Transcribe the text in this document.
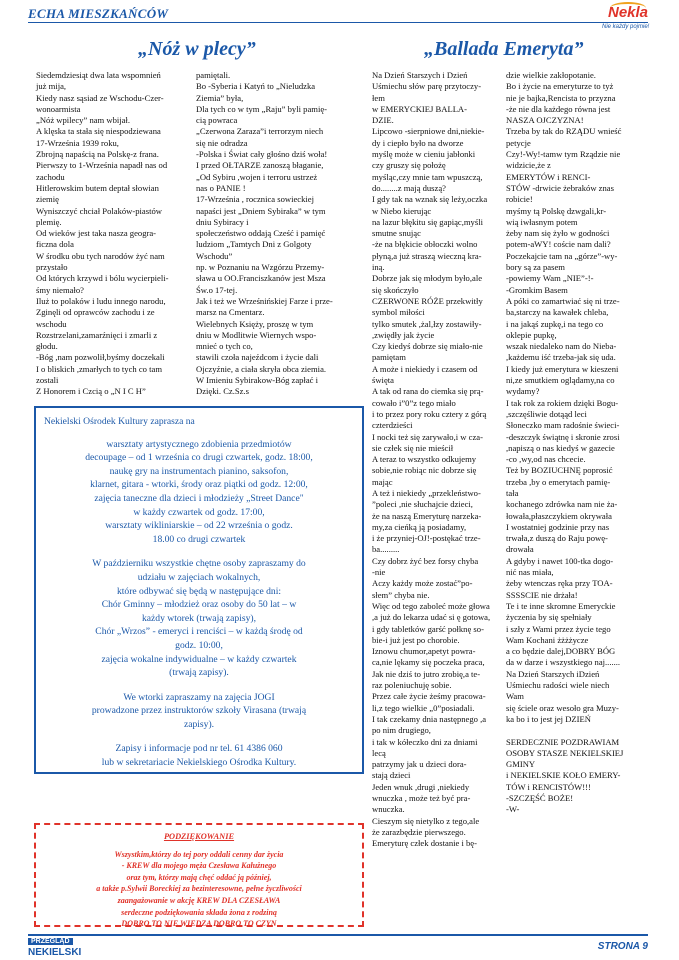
ECHA MIESZKAŃCÓW	Nekla
Nie każdy pojmie!
„Nóż w plecy”

Siedemdziesiąt dwa lata wspomnień

już mija,

Kiedy nasz sąsiad ze Wschodu-Czer-

wonoarmista

„Nóż wpilecy” nam wbijał.

A klęska ta stała się niespodziewana

17-Września 1939 roku,

Zbrojną napaścią na Polskę-z frana.

Pierwszy to 1-Września napadł nas od

zachodu

Hitlerowskim butem deptał słowian

ziemię

Wyniszczyć chciał Polaków-piastów

plemię.

Od wieków jest taka nasza geogra-

ficzna dola

W środku obu tych narodów żyć nam

przystało

Od których krzywd i bólu wycierpieli-

śmy niemało?

Iluż to polaków i ludu innego narodu,

Zginęli od oprawców zachodu i ze

wschodu

Rozstrzelani,zamarźnięci i zmarli z

głodu.

-Bóg ,nam pozwolił,byśmy doczekali

I o bliskich ,zmarłych to tych co tam

zostali

Z Honorem i Czcią o „N I C H”

pamiętali.

Bo -Syberia i Katyń to „Nieludzka

Ziemia” była,

Dla tych co w tym „Raju” byli pamię-

cią powraca

„Czerwona Zaraza”i terrorzym niech

się nie odradza

-Polska i Świat cały głośno dziś woła!

I przed OŁTARZE zanoszą błaganie,

„Od Sybiru ,wojen i terroru ustrzeż

nas o PANIE !

17-Września , rocznica sowieckiej

napaści jest „Dniem Sybiraka” w tym

dniu Sybiracy i

społeczeństwo oddają Cześć i pamięć

ludziom „Tamtych Dni z Golgoty

Wschodu”

np. w Poznaniu na Wzgórzu Przemy-

sława u OO.Franciszkanów jest Msza

Św.o 17-tej.

Jak i też we Wrześnińskiej Farze i prze-

marsz na Cmentarz.

Wielebnych Księży, proszę w tym

dniu w Modlitwie Wiernych wspo-

mnieć o tych co,

stawili czoła najeźdcom i życie dali

Ojczyźnie, a ciała skryła obca ziemia.

W Imieniu Sybirakow-Bóg zapłać i

Dzięki. Cz.Sz.s

Nekielski Ośrodek Kultury zaprasza na

warsztaty artystycznego zdobienia przedmiotów

decoupage – od 1 września co drugi czwartek, godz. 18:00,

naukę gry na instrumentach pianino, saksofon,

klarnet, gitara - wtorki, środy oraz piątki od godz. 12:00,

zajęcia taneczne dla dzieci i młodzieży „Street Dance"

w każdy czwartek od godz. 17:00,

warsztaty wikliniarskie – od 22 września o godz.

18.00 co drugi czwartek

W październiku wszystkie chętne osoby zapraszamy do

udziału w zajęciach wokalnych,

które odbywać się będą w następujące dni:

Chór Gminny – młodzież oraz osoby do 50 lat – w

każdy wtorek (trwają zapisy),

Chór „Wrzos” - emeryci i renciści – w każdą środę od

godz. 10:00,

zajęcia wokalne indywidualne – w każdy czwartek

(trwają zapisy).

We wtorki zapraszamy na zajęcia JOGI

prowadzone przez instruktorów szkoły Virasana (trwają

zapisy).

Zapisy i informacje pod nr tel. 61 4386 060

lub w sekretariacie Nekielskiego Ośrodka Kultury.

PODZIĘKOWANIE

Wszystkim,którzy do tej pory oddali cenny dar życia

- KREW dla mojego męża Czesława Kałużnego

oraz tym, którzy mają chęć oddać ją później,

a także p.Sylwii Boreckiej za bezinteresowne, pełne życzliwości

zaangażowanie w akcję KREW DLA CZESŁAWA

serdeczne podziękowania składa żona z rodziną

DOBRO TO NIE WIEDZA DOBRO TO CZYN

„Ballada Emeryta”

Na Dzień Starszych i Dzień

Uśmiechu słów parę przytoczy-

łem

w EMERYCKIEJ BALLA-

DZIE.

Lipcowo -sierpniowe dni,niekie-

dy i ciepło było na dworze

myślę może w cieniu jabłonki

czy gruszy się położę

myśląc,czy mnie tam wpuszczą,

do........z mają duszą?

I gdy tak na wznak się leży,oczka

w Niebo kierując

na lazur błękitu się gapiąc,myśli

smutne snując

-że na błękicie obłoczki wolno

płyną,a już straszą wieczną kra-

iną.

Dobrze jak się młodym było,ale

się skończyło

CZERWONE RÓŻE przekwitły

symbol miłości

tylko smutek ,żal,łzy zostawiły-

,zwiędły jak życie

Czy kiedyś dobrze się miało-nie

pamiętam

A może i niekiedy i czasem od

święta

A tak od rana do ciemka się prą-

cowało i”0”z tego miało

i to przez pory roku cztery z górą

czterdzieści

I nocki też się zarywało,i w cza-

sie człek się nie mieścił

A teraz to wszystko odkujemy

sobie,nie robiąc nic dobrze się

mając

A też i niekiedy „przekleństwo-

”poleci ,nie słuchajcie dzieci,

że na naszą Emeryturę narzeka-

my,za cieńką ją posiadamy,

i że przyniej-OJ!-postękać trze-

ba.........

Czy dobrz żyć bez forsy chyba

-nie

Aczy każdy może zostać”po-

słem” chyba nie.

Więc od tego zaboleć może głowa

,a już do lekarza udać si ę gotowa,

i gdy tabletków garść połknę so-

bie-i już jest po chorobie.

Iznowu chumor,apetyt powra-

ca,nie lękamy się poczeka praca,

Jak nie dziś to jutro zrobię,a te-

raz poleniuchuję sobie.

Przez całe życie żeśmy pracowa-

li,z tego wielkie „0”posiadali.

I tak czekamy dnia następnego ,a

po nim drugiego,

i tak w kółeczko dni za dniami

lecą

patrzymy jak u dzieci dora-

stają dzieci

Jeden wnuk ,drugi ,niekiedy

wnuczka , może też być pra-

wnuczka.

Cieszym się nietylko z tego,ale

że zarazbędzie pierwszego.

Emeryturę człek dostanie i bę-

dzie wielkie zakłopotanie.

Bo i życie na emeryturze to tyż

nie je bajka,Rencista to przyzna

-że nie dla każdego równa jest

NASZA OJCZYZNA!

Trzeba by tak do RZĄDU wnieść

petycje

Czy!-Wy!-tamw tym Rządzie nie

widzicie,że z

EMERYTÓW i RENCI-

STÓW -drwicie żebraków znas

robicie!

myśmy tą Polskę dzwgali,kr-

wią iwłasnym potem

żeby nam się żyło w godności

potem-aWY! coście nam dali?

Poczekajcie tam na „górze”-wy-

bory są za pasem

-powiemy Wam „NIE”-!-

-Gromkim Basem

A póki co zamartwiać się ni trze-

ba,starczy na kawałek chleba,

i na jakąś zupkę,i na tego co

oklepie pupkę,

wszak niedaleko nam do Nieba-

,każdemu iść trzeba-jak się uda.

I kiedy już emerytura w kieszeni

ni,ze smutkiem oglądamy,na co

wydamy?

I tak rok za rokiem dzięki Bogu-

,szczęśliwie dotąąd leci

Słoneczko mam radośnie świeci-

-deszczyk świątnę i skronie zrosi

,napiszą o nas kiedyś w gazecie

-co ,wy,od nas chcecie.

Też by BOZIUCHNĘ poprosić

trzeba ,by o emerytach pamię-

tała

kochanego zdrówka nam nie ża-

łowała,płaszczykiem okrywała

I wostatniej godzinie przy nas

trwała,z duszą do Raju powę-

drowała

A gdyby i nawet 100-tka dogo-

nić nas miała,

żeby wtenczas ręka przy TOA-

SSSSCIE nie drżała!

Te i te inne skromne Emeryckie

życzenia by się spełniały

i szły z Wami przez życie tego

Wam Kochani żżżżycze

a co będzie dalej,DOBRY BÓG

da w darze i wszystkiego naj.......

Na Dzień Starszych iDzień

Uśmiechu radości wiele niech

Wam

się ściele oraz wesoło gra Muzy-

ka bo i to jest jej DZIEŃ

SERDECZNIE POZDRAWIAM

OSOBY STASZE NEKIELSKIEJ

GMINY

i NEKIELSKIE KOŁO EMERY-

TÓW i RENCISTÓW!!!

-SZCZĘŚĆ BOŻE!

-W-

PRZEGLĄD
NEKIELSKI
STRONA 9
